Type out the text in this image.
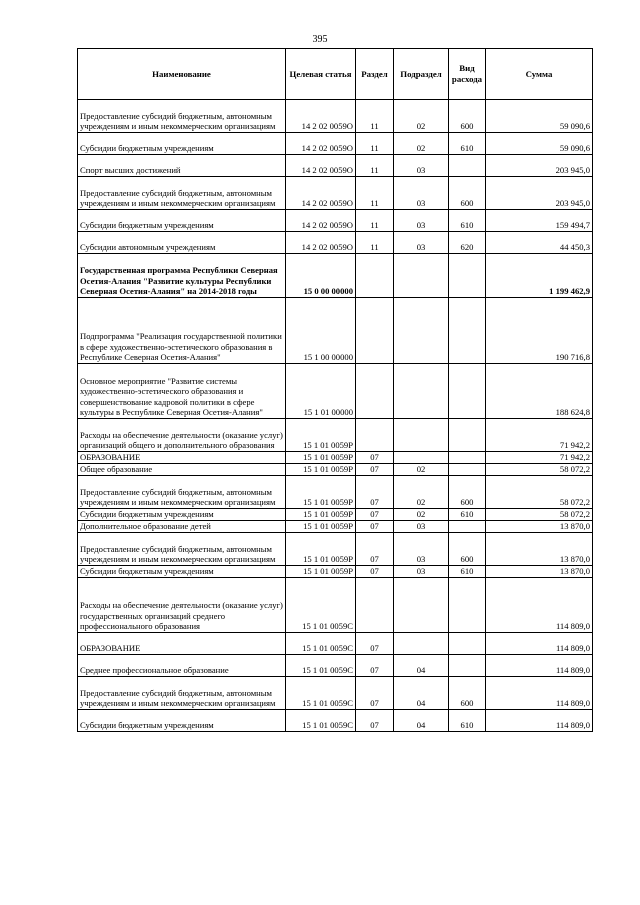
395
Наименование	Целевая статья	Раздел	Подраздел	Вид расхода	Сумма
Предоставление субсидий бюджетным, автономным учреждениям и иным некоммерческим организациям	14 2 02 0059О	11	02	600	59 090,6
Субсидии бюджетным учреждениям	14 2 02 0059О	11	02	610	59 090,6
Спорт высших достижений	14 2 02 0059О	11	03		203 945,0
Предоставление субсидий бюджетным, автономным учреждениям и иным некоммерческим организациям	14 2 02 0059О	11	03	600	203 945,0
Субсидии бюджетным учреждениям	14 2 02 0059О	11	03	610	159 494,7
Субсидии автономным учреждениям	14 2 02 0059О	11	03	620	44 450,3
Государственная программа Республики Северная Осетия-Алания "Развитие культуры Республики Северная Осетия-Алания" на 2014-2018 годы	15 0 00 00000				1 199 462,9
Подпрограмма "Реализация государственной политики в сфере художественно-эстетического образования в Республике Северная Осетия-Алания"	15 1 00 00000				190 716,8
Основное мероприятие "Развитие системы художественно-эстетического образования и совершенствование кадровой политики в сфере культуры в Республике Северная Осетия-Алания"	15 1 01 00000				188 624,8
Расходы на обеспечение деятельности (оказание услуг) организаций общего и дополнительного образования	15 1 01 0059Р				71 942,2
ОБРАЗОВАНИЕ	15 1 01 0059Р	07			71 942,2
Общее образование	15 1 01 0059Р	07	02		58 072,2
Предоставление субсидий бюджетным, автономным учреждениям и иным некоммерческим организациям	15 1 01 0059Р	07	02	600	58 072,2
Субсидии бюджетным учреждениям	15 1 01 0059Р	07	02	610	58 072,2
Дополнительное образование детей	15 1 01 0059Р	07	03		13 870,0
Предоставление субсидий бюджетным, автономным учреждениям и иным некоммерческим организациям	15 1 01 0059Р	07	03	600	13 870,0
Субсидии бюджетным учреждениям	15 1 01 0059Р	07	03	610	13 870,0
Расходы на обеспечение деятельности (оказание услуг) государственных организаций среднего профессионального образования	15 1 01 0059С				114 809,0
ОБРАЗОВАНИЕ	15 1 01 0059С	07			114 809,0
Среднее профессиональное образование	15 1 01 0059С	07	04		114 809,0
Предоставление субсидий бюджетным, автономным учреждениям и иным некоммерческим организациям	15 1 01 0059С	07	04	600	114 809,0
Субсидии бюджетным учреждениям	15 1 01 0059С	07	04	610	114 809,0
